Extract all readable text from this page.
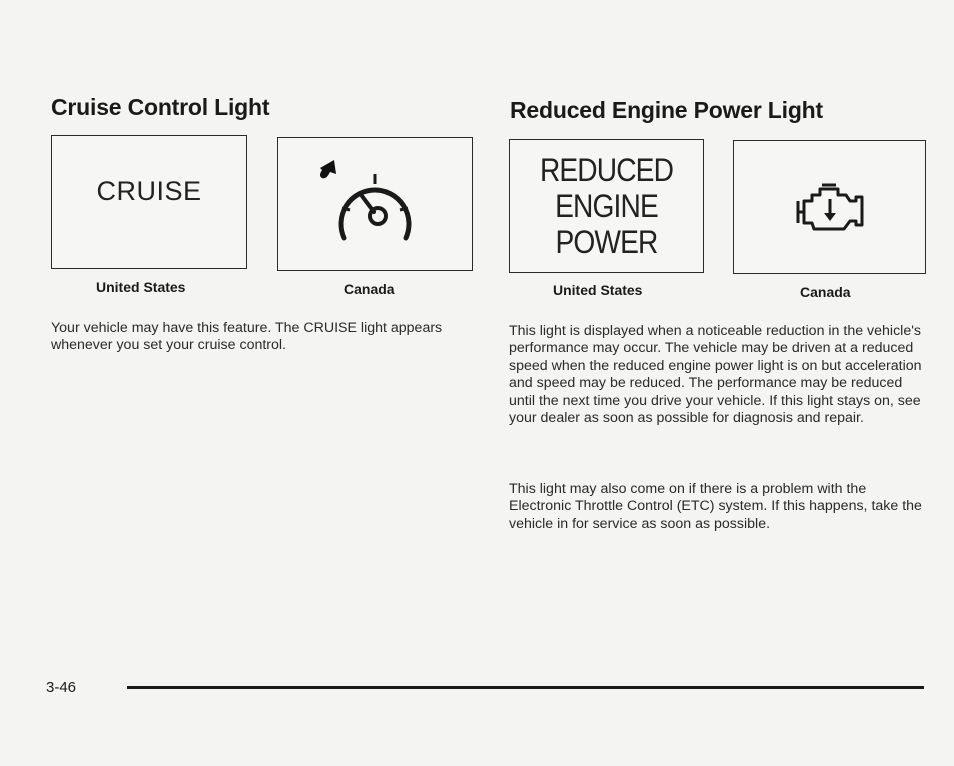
Cruise Control Light
CRUISE
United States	Canada

Your vehicle may have this feature. The CRUISE light appears whenever you set your cruise control.

Reduced Engine Power Light
REDUCED
ENGINE
POWER
United States	Canada

This light is displayed when a noticeable reduction in the vehicle's performance may occur. The vehicle may be driven at a reduced speed when the reduced engine power light is on but acceleration and speed may be reduced. The performance may be reduced until the next time you drive your vehicle. If this light stays on, see your dealer as soon as possible for diagnosis and repair.

This light may also come on if there is a problem with the Electronic Throttle Control (ETC) system. If this happens, take the vehicle in for service as soon as possible.

3-46
